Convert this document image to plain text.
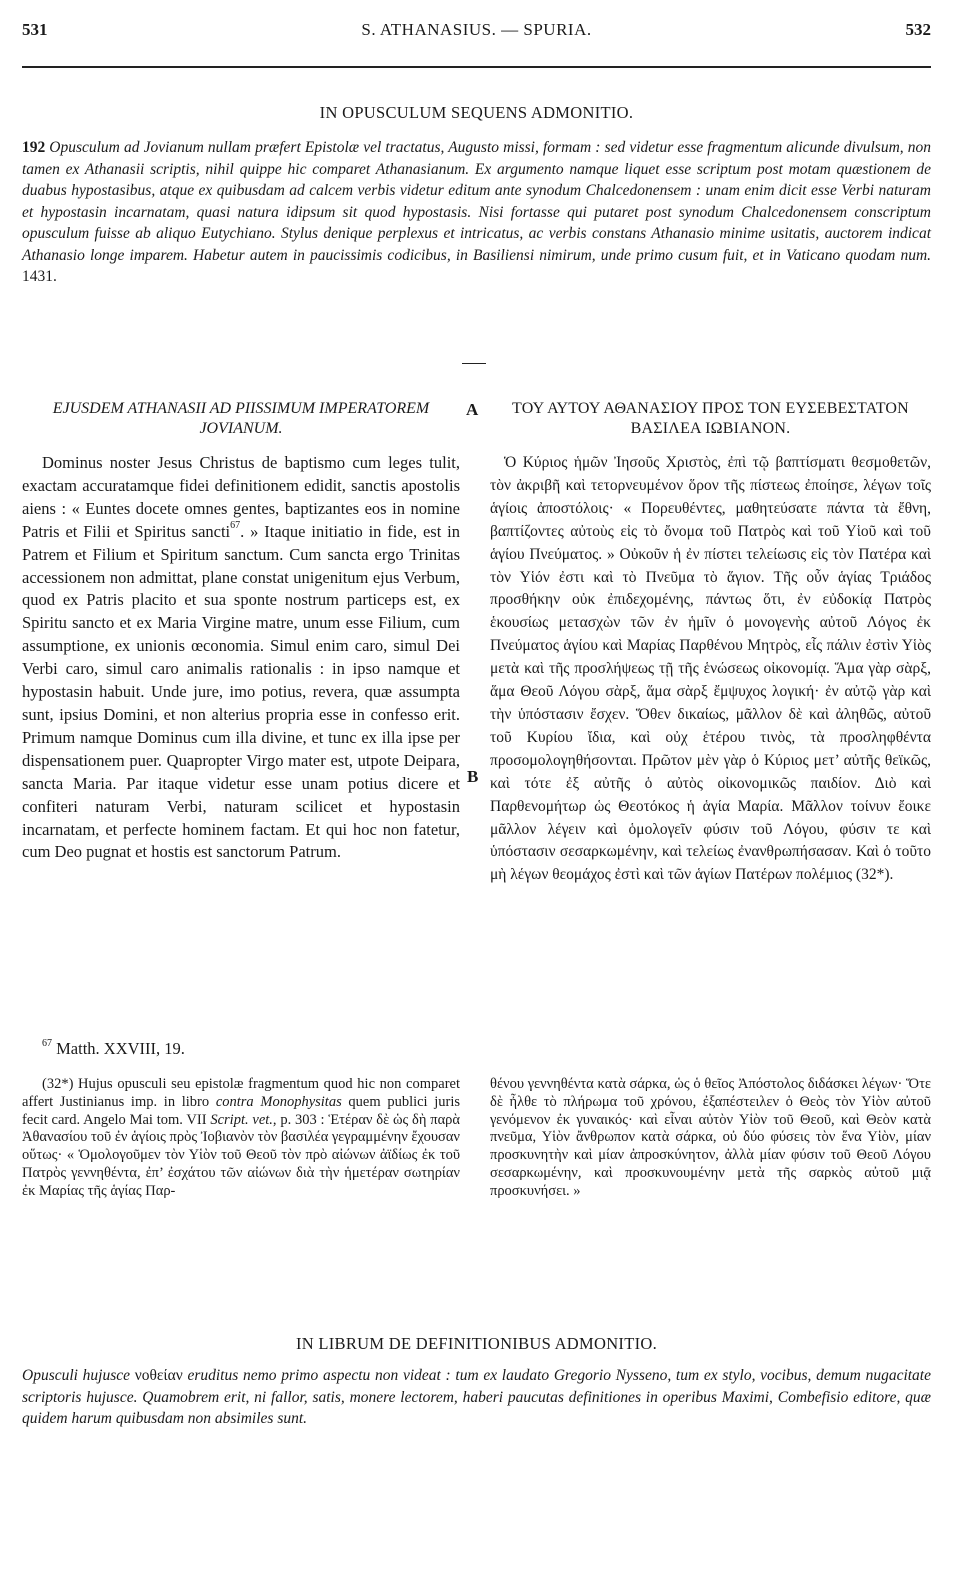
531	S. ATHANASIUS. — SPURIA.	532
IN OPUSCULUM SEQUENS ADMONITIO.
192 Opusculum ad Jovianum nullam præfert Epistolæ vel tractatus, Augusto missi, formam : sed videtur esse fragmentum alicunde divulsum, non tamen ex Athanasii scriptis, nihil quippe hic comparet Athanasianum. Ex argumento namque liquet esse scriptum post motam quæstionem de duabus hypostasibus, atque ex quibusdam ad calcem verbis videtur editum ante synodum Chalcedonensem : unam enim dicit esse Verbi naturam et hypostasin incarnatam, quasi natura idipsum sit quod hypostasis. Nisi fortasse qui putaret post synodum Chalcedonensem conscriptum opusculum fuisse ab aliquo Eutychiano. Stylus denique perplexus et intricatus, ac verbis constans Athanasio minime usitatis, auctorem indicat Athanasio longe imparem. Habetur autem in paucissimis codicibus, in Basiliensi nimirum, unde primo cusum fuit, et in Vaticano quodam num. 1431.
EJUSDEM ATHANASII AD PIISSIMUM IMPERATOREM JOVIANUM.
ΤΟΥ ΑΥΤΟΥ ΑΘΑΝΑΣΙΟΥ ΠΡΟΣ ΤΟΝ ΕΥΣΕΒΕΣΤΑΤΟΝ ΒΑΣΙΛΕΑ ΙΩΒΙΑΝΟΝ.
A
B
Dominus noster Jesus Christus de baptismo cum leges tulit, exactam accuratamque fidei definitionem edidit, sanctis apostolis aiens : « Euntes docete omnes gentes, baptizantes eos in nomine Patris et Filii et Spiritus sancti$^{67}$. » Itaque initiatio in fide, est in Patrem et Filium et Spiritum sanctum. Cum sancta ergo Trinitas accessionem non admittat, plane constat unigenitum ejus Verbum, quod ex Patris placito et sua sponte nostrum particeps est, ex Spiritu sancto et ex Maria Virgine matre, unum esse Filium, cum assumptione, ex unionis œconomia. Simul enim caro, simul Dei Verbi caro, simul caro animalis rationalis : in ipso namque et hypostasin habuit. Unde jure, imo potius, revera, quæ assumpta sunt, ipsius Domini, et non alterius propria esse in confesso erit. Primum namque Dominus cum illa divine, et tunc ex illa ipse per dispensationem puer. Quapropter Virgo mater est, utpote Deipara, sancta Maria. Par itaque videtur esse unam potius dicere et confiteri naturam Verbi, naturam scilicet et hypostasin incarnatam, et perfecte hominem factam. Et qui hoc non fatetur, cum Deo pugnat et hostis est sanctorum Patrum.
Ὁ Κύριος ἡμῶν Ἰησοῦς Χριστὸς, ἐπὶ τῷ βαπτίσματι θεσμοθετῶν, τὸν ἀκριβῆ καὶ τετορνευμένον ὅρον τῆς πίστεως ἐποίησε, λέγων τοῖς ἁγίοις ἀποστόλοις· « Πορευθέντες, μαθητεύσατε πάντα τὰ ἔθνη, βαπτίζοντες αὐτοὺς εἰς τὸ ὄνομα τοῦ Πατρὸς καὶ τοῦ Υἱοῦ καὶ τοῦ ἁγίου Πνεύματος. » Οὐκοῦν ἡ ἐν πίστει τελείωσις εἰς τὸν Πατέρα καὶ τὸν Υἱόν ἐστι καὶ τὸ Πνεῦμα τὸ ἅγιον. Τῆς οὖν ἁγίας Τριάδος προσθήκην οὐκ ἐπιδεχομένης, πάντως ὅτι, ἐν εὐδοκίᾳ Πατρὸς ἑκουσίως μετασχὼν τῶν ἐν ἡμῖν ὁ μονογενὴς αὐτοῦ Λόγος ἐκ Πνεύματος ἁγίου καὶ Μαρίας Παρθένου Μητρὸς, εἷς πάλιν ἐστὶν Υἱὸς μετὰ καὶ τῆς προσλήψεως τῇ τῆς ἑνώσεως οἰκονομίᾳ. Ἅμα γὰρ σὰρξ, ἅμα Θεοῦ Λόγου σὰρξ, ἅμα σὰρξ ἔμψυχος λογική· ἐν αὐτῷ γὰρ καὶ τὴν ὑπόστασιν ἔσχεν. Ὅθεν δικαίως, μᾶλλον δὲ καὶ ἀληθῶς, αὐτοῦ τοῦ Κυρίου ἴδια, καὶ οὐχ ἑτέρου τινὸς, τὰ προσληφθέντα προσομολογηθήσονται. Πρῶτον μὲν γὰρ ὁ Κύριος μετ’ αὐτῆς θεϊκῶς, καὶ τότε ἐξ αὐτῆς ὁ αὐτὸς οἰκονομικῶς παιδίον. Διὸ καὶ Παρθενομήτωρ ὡς Θεοτόκος ἡ ἁγία Μαρία. Μᾶλλον τοίνυν ἔοικε μᾶλλον λέγειν καὶ ὁμολογεῖν φύσιν τοῦ Λόγου, φύσιν τε καὶ ὑπόστασιν σεσαρκωμένην, καὶ τελείως ἐνανθρωπήσασαν. Καὶ ὁ τοῦτο μὴ λέγων θεομάχος ἐστὶ καὶ τῶν ἁγίων Πατέρων πολέμιος (32*).
$^{67}$ Matth. XXVIII, 19.
(32*) Hujus opusculi seu epistolæ fragmentum quod hic non comparet affert Justinianus imp. in libro contra Monophysitas quem publici juris fecit card. Angelo Mai tom. VII Script. vet., p. 303 : Ἑτέραν δὲ ὡς δὴ παρὰ Ἀθανασίου τοῦ ἐν ἁγίοις πρὸς Ἰοβιανὸν τὸν βασιλέα γεγραμμένην ἔχουσαν οὕτως· « Ὁμολογοῦμεν τὸν Υἱὸν τοῦ Θεοῦ τὸν πρὸ αἰώνων ἀϊδίως ἐκ τοῦ Πατρὸς γεννηθέντα, ἐπ’ ἐσχάτου τῶν αἰώνων διὰ τὴν ἡμετέραν σωτηρίαν ἐκ Μαρίας τῆς ἁγίας Παρ-
θένου γεννηθέντα κατὰ σάρκα, ὡς ὁ θεῖος Ἀπόστολος διδάσκει λέγων· Ὅτε δὲ ἦλθε τὸ πλήρωμα τοῦ χρόνου, ἐξαπέστειλεν ὁ Θεὸς τὸν Υἱὸν αὐτοῦ γενόμενον ἐκ γυναικός· καὶ εἶναι αὐτὸν Υἱὸν τοῦ Θεοῦ, καὶ Θεὸν κατὰ πνεῦμα, Υἱὸν ἄνθρωπον κατὰ σάρκα, οὐ δύο φύσεις τὸν ἕνα Υἱὸν, μίαν προσκυνητὴν καὶ μίαν ἀπροσκύνητον, ἀλλὰ μίαν φύσιν τοῦ Θεοῦ Λόγου σεσαρκωμένην, καὶ προσκυνουμένην μετὰ τῆς σαρκὸς αὐτοῦ μιᾷ προσκυνήσει. »
IN LIBRUM DE DEFINITIONIBUS ADMONITIO.
Opusculi hujusce νοθείαν eruditus nemo primo aspectu non videat : tum ex laudato Gregorio Nysseno, tum ex stylo, vocibus, demum nugacitate scriptoris hujusce. Quamobrem erit, ni fallor, satis, monere lectorem, haberi paucutas definitiones in operibus Maximi, Combefisio editore, quæ quidem harum quibusdam non absimiles sunt.
